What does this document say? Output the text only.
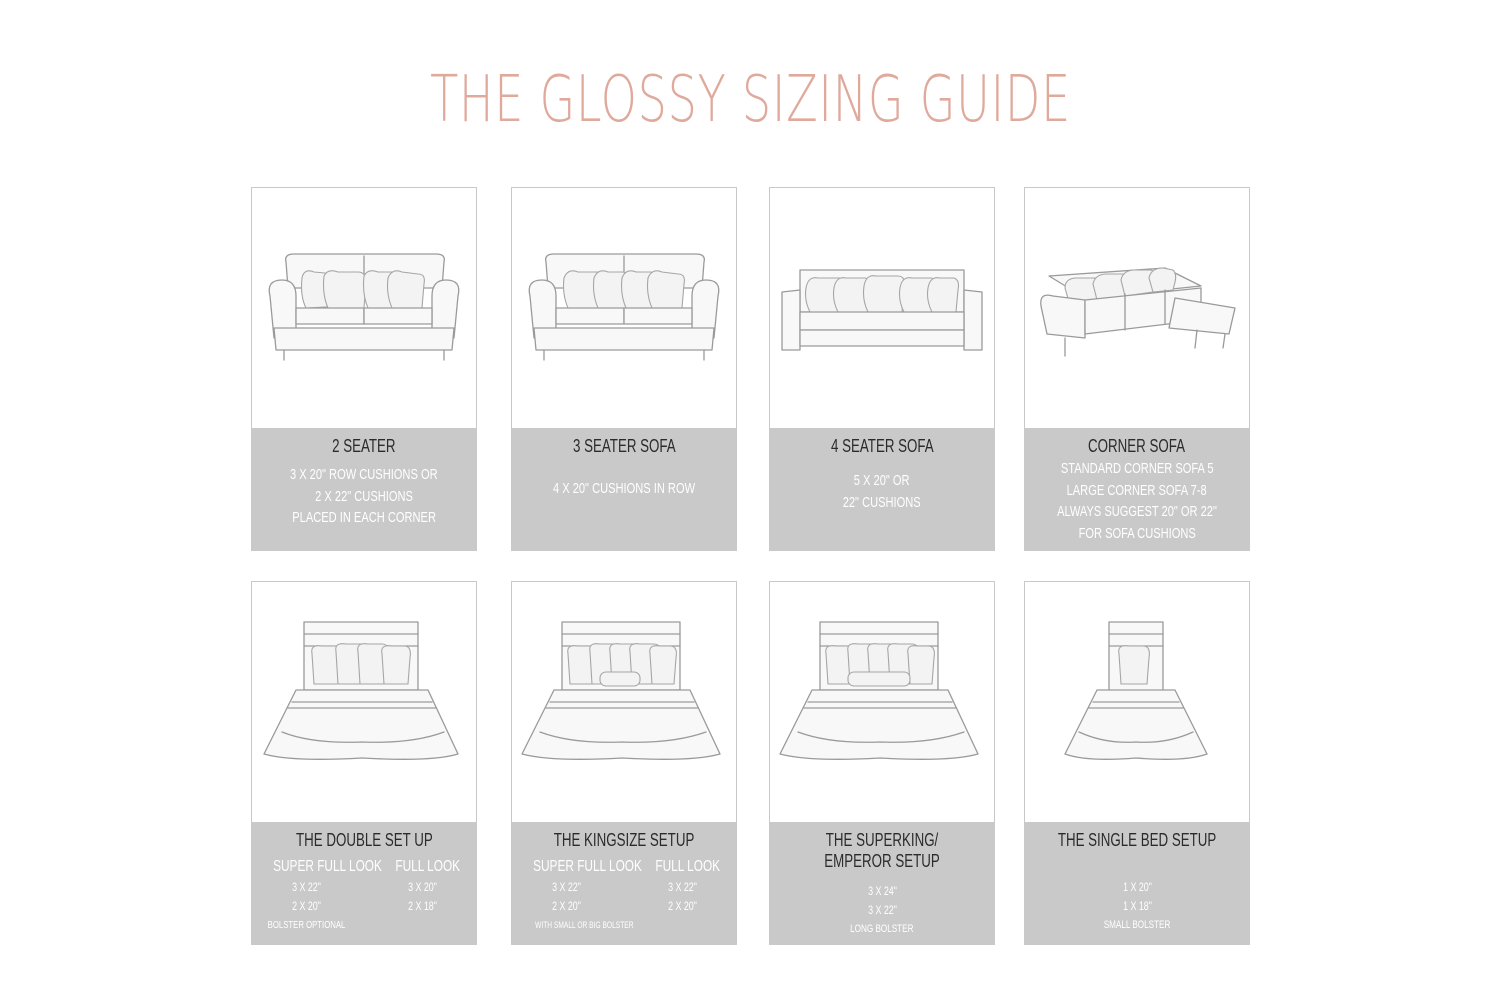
THE GLOSSY SIZING GUIDE
2 SEATER
3 X 20" ROW CUSHIONS OR
2 X 22" CUSHIONS
PLACED IN EACH CORNER
3 SEATER SOFA
4 X 20" CUSHIONS IN ROW
4 SEATER SOFA
5 X 20" OR
22" CUSHIONS
CORNER SOFA
STANDARD CORNER SOFA 5
LARGE CORNER SOFA 7-8
ALWAYS SUGGEST 20" OR 22"
FOR SOFA CUSHIONS
THE DOUBLE SET UP
SUPER FULL LOOK
3 X 22"
2 X 20"
BOLSTER OPTIONAL
FULL LOOK
3 X 20"
2 X 18"
THE KINGSIZE SETUP
SUPER FULL LOOK
3 X 22"
2 X 20"
WITH SMALL OR BIG BOLSTER
FULL LOOK
3 X 22"
2 X 20"
THE SUPERKING/
EMPEROR SETUP
3 X 24"
3 X 22"
LONG BOLSTER
THE SINGLE BED SETUP
1 X 20"
1 X 18"
SMALL BOLSTER
